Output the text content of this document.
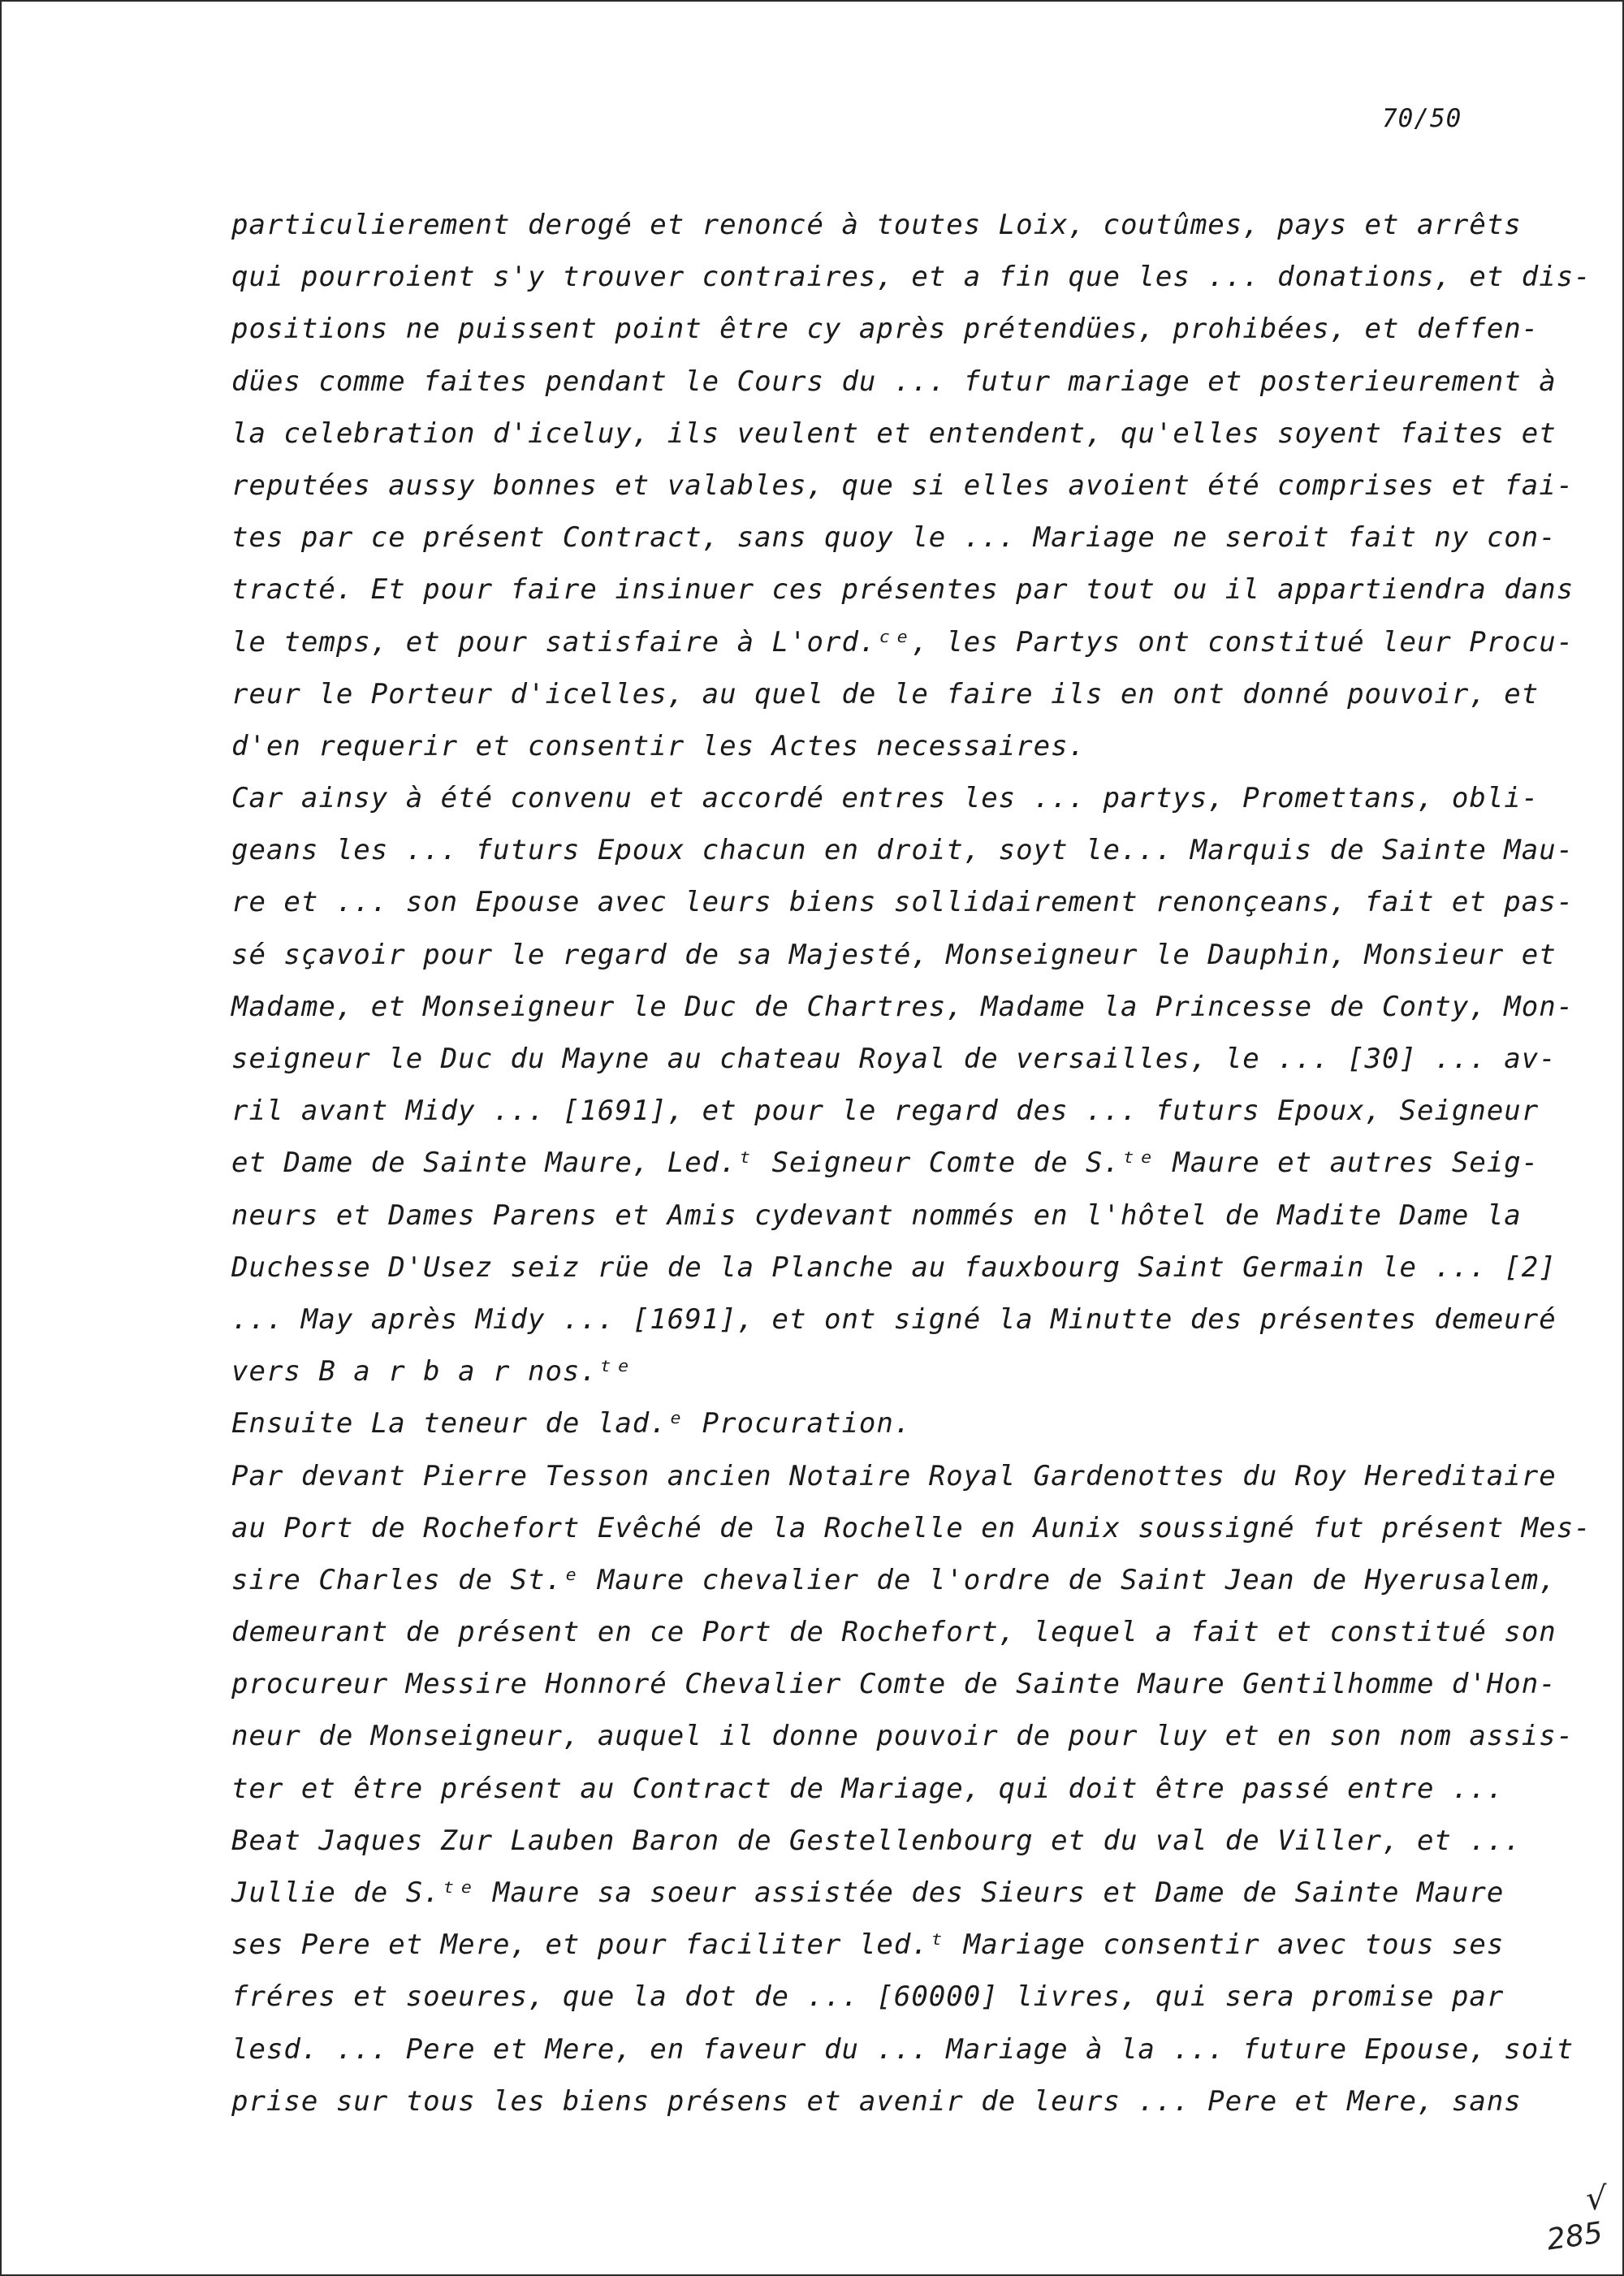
70/50
particulierement derogé et renoncé à toutes Loix, coutûmes, pays et arrêts
qui pourroient s'y trouver contraires, et a fin que les ... donations, et dis-
positions ne puissent point être cy après prétendües, prohibées, et deffen-
dües comme faites pendant le Cours du ... futur mariage et posterieurement à
la celebration d'iceluy, ils veulent et entendent, qu'elles soyent faites et
reputées aussy bonnes et valables, que si elles avoient été comprises et fai-
tes par ce présent Contract, sans quoy le ... Mariage ne seroit fait ny con-
tracté. Et pour faire insinuer ces présentes par tout ou il appartiendra dans
le temps, et pour satisfaire à L'ord.ᶜᵉ, les Partys ont constitué leur Procu-
reur le Porteur d'icelles, au quel de le faire ils en ont donné pouvoir, et
d'en requerir et consentir les Actes necessaires.
Car ainsy à été convenu et accordé entres les ... partys, Promettans, obli-
geans les ... futurs Epoux chacun en droit, soyt le... Marquis de Sainte Mau-
re et ... son Epouse avec leurs biens sollidairement renonçeans, fait et pas-
sé sçavoir pour le regard de sa Majesté, Monseigneur le Dauphin, Monsieur et
Madame, et Monseigneur le Duc de Chartres, Madame la Princesse de Conty, Mon-
seigneur le Duc du Mayne au chateau Royal de versailles, le ... [30] ... av-
ril avant Midy ... [1691], et pour le regard des ... futurs Epoux, Seigneur
et Dame de Sainte Maure, Led.ᵗ Seigneur Comte de S.ᵗᵉ Maure et autres Seig-
neurs et Dames Parens et Amis cydevant nommés en l'hôtel de Madite Dame la
Duchesse D'Usez seiz rüe de la Planche au fauxbourg Saint Germain le ... [2]
... May après Midy ... [1691], et ont signé la Minutte des présentes demeuré
vers B a r b a r nos.ᵗᵉ
Ensuite La teneur de lad.ᵉ Procuration.
Par devant Pierre Tesson ancien Notaire Royal Gardenottes du Roy Hereditaire
au Port de Rochefort Evêché de la Rochelle en Aunix soussigné fut présent Mes-
sire Charles de St.ᵉ Maure chevalier de l'ordre de Saint Jean de Hyerusalem,
demeurant de présent en ce Port de Rochefort, lequel a fait et constitué son
procureur Messire Honnoré Chevalier Comte de Sainte Maure Gentilhomme d'Hon-
neur de Monseigneur, auquel il donne pouvoir de pour luy et en son nom assis-
ter et être présent au Contract de Mariage, qui doit être passé entre ...
Beat Jaques Zur Lauben Baron de Gestellenbourg et du val de Viller, et ...
Jullie de S.ᵗᵉ Maure sa soeur assistée des Sieurs et Dame de Sainte Maure
ses Pere et Mere, et pour faciliter led.ᵗ Mariage consentir avec tous ses
fréres et soeures, que la dot de ... [60000] livres, qui sera promise par
lesd. ... Pere et Mere, en faveur du ... Mariage à la ... future Epouse, soit
prise sur tous les biens présens et avenir de leurs ... Pere et Mere, sans
√
285
